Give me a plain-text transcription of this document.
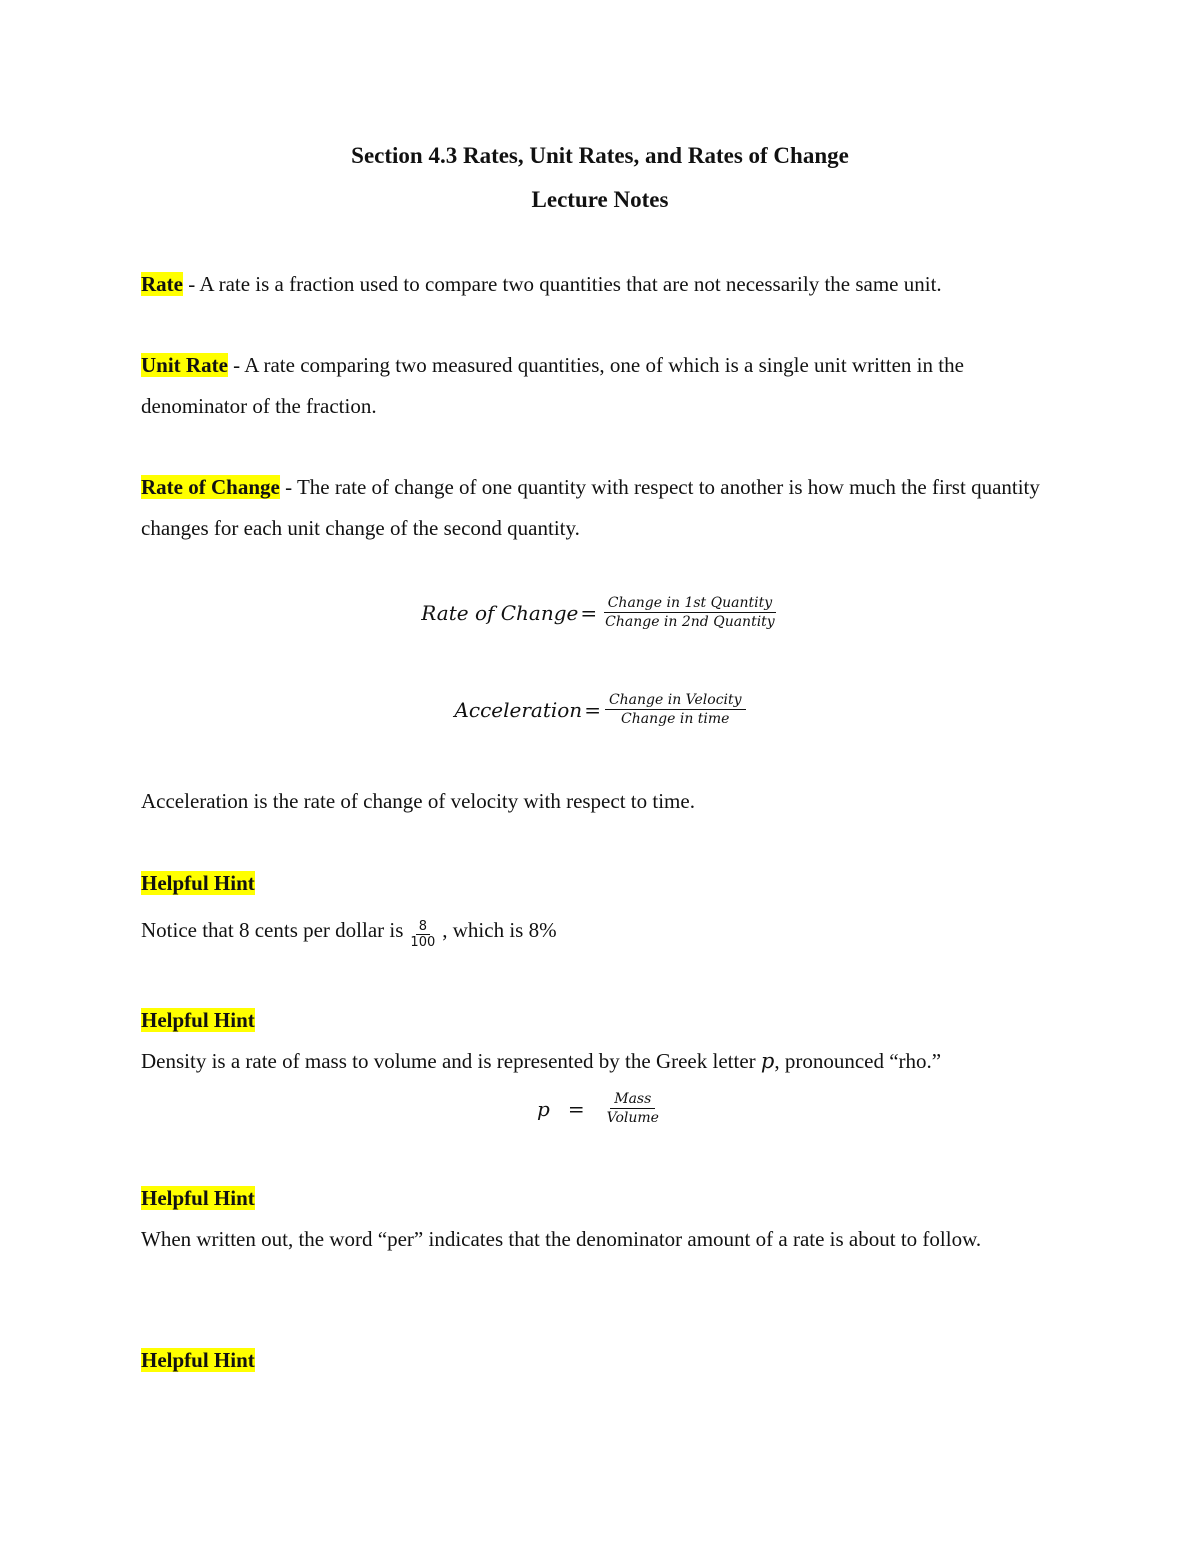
Section 4.3 Rates, Unit Rates, and Rates of Change
Lecture Notes

Rate - A rate is a fraction used to compare two quantities that are not necessarily the same unit.

Unit Rate - A rate comparing two measured quantities, one of which is a single unit written in the denominator of the fraction.

Rate of Change - The rate of change of one quantity with respect to another is how much the first quantity changes for each unit change of the second quantity.

Rate of Change = $\frac{\text{Change in 1st Quantity}}{\text{Change in 2nd Quantity}}$
Acceleration = $\frac{\text{Change in Velocity}}{\text{Change in time}}$

Acceleration is the rate of change of velocity with respect to time.

Helpful Hint

Notice that 8 cents per dollar is $\frac{8}{100}$ , which is 8%

Helpful Hint

Density is a rate of mass to volume and is represented by the Greek letter p, pronounced “rho.”

$p = \frac{\text{Mass}}{\text{Volume}}$

Helpful Hint

When written out, the word “per” indicates that the denominator amount of a rate is about to follow.

Helpful Hint
